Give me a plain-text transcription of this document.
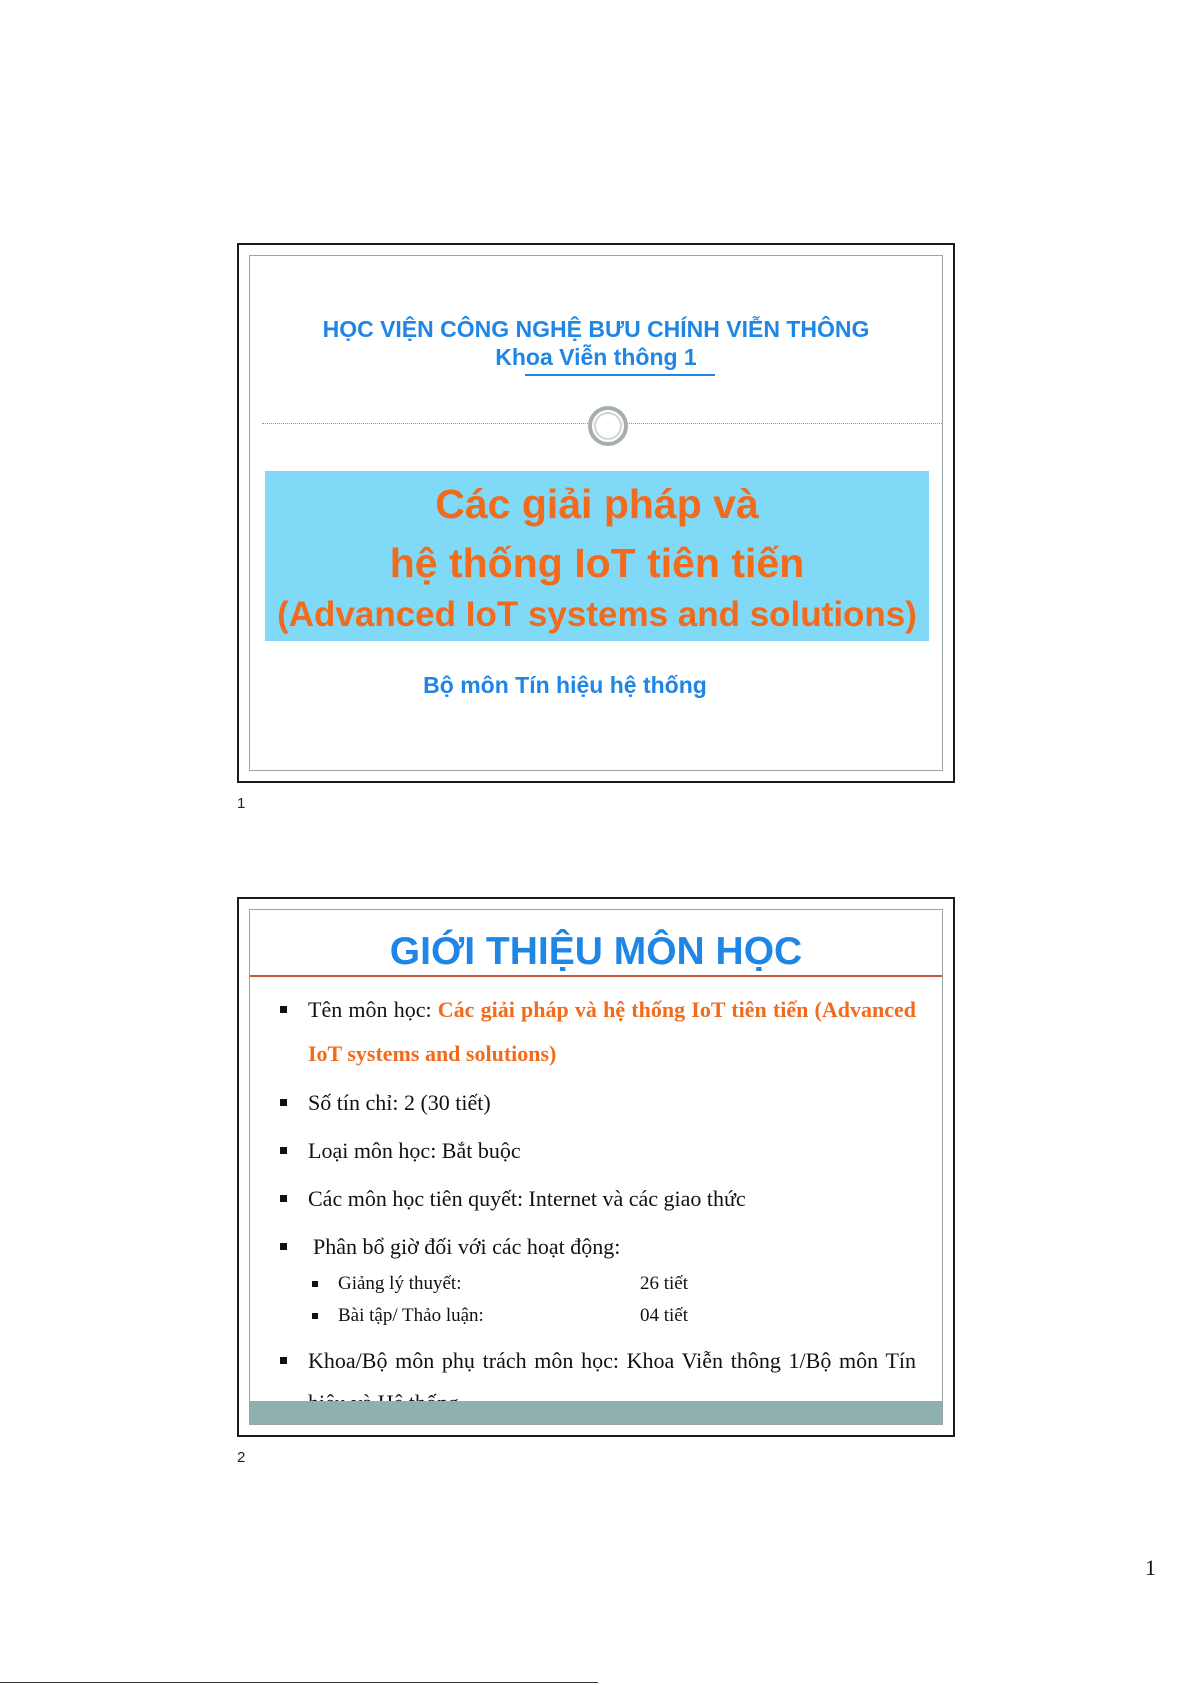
HỌC VIỆN CÔNG NGHỆ BƯU CHÍNH VIỄN THÔNG
Khoa Viễn thông 1
Các giải pháp và
hệ thống IoT tiên tiến
(Advanced IoT systems and solutions)
Bộ môn Tín hiệu hệ thống
1
GIỚI THIỆU MÔN HỌC
Tên môn học: Các giải pháp và hệ thống IoT tiên tiến (Advanced IoT systems and solutions)
Số tín chỉ: 2 (30 tiết)
Loại môn học: Bắt buộc
Các môn học tiên quyết: Internet và các giao thức
Phân bổ giờ đối với các hoạt động:
Giảng lý thuyết:	26 tiết
Bài tập/ Thảo luận:	04 tiết
Khoa/Bộ môn phụ trách môn học: Khoa Viễn thông 1/Bộ môn Tín
2
1
